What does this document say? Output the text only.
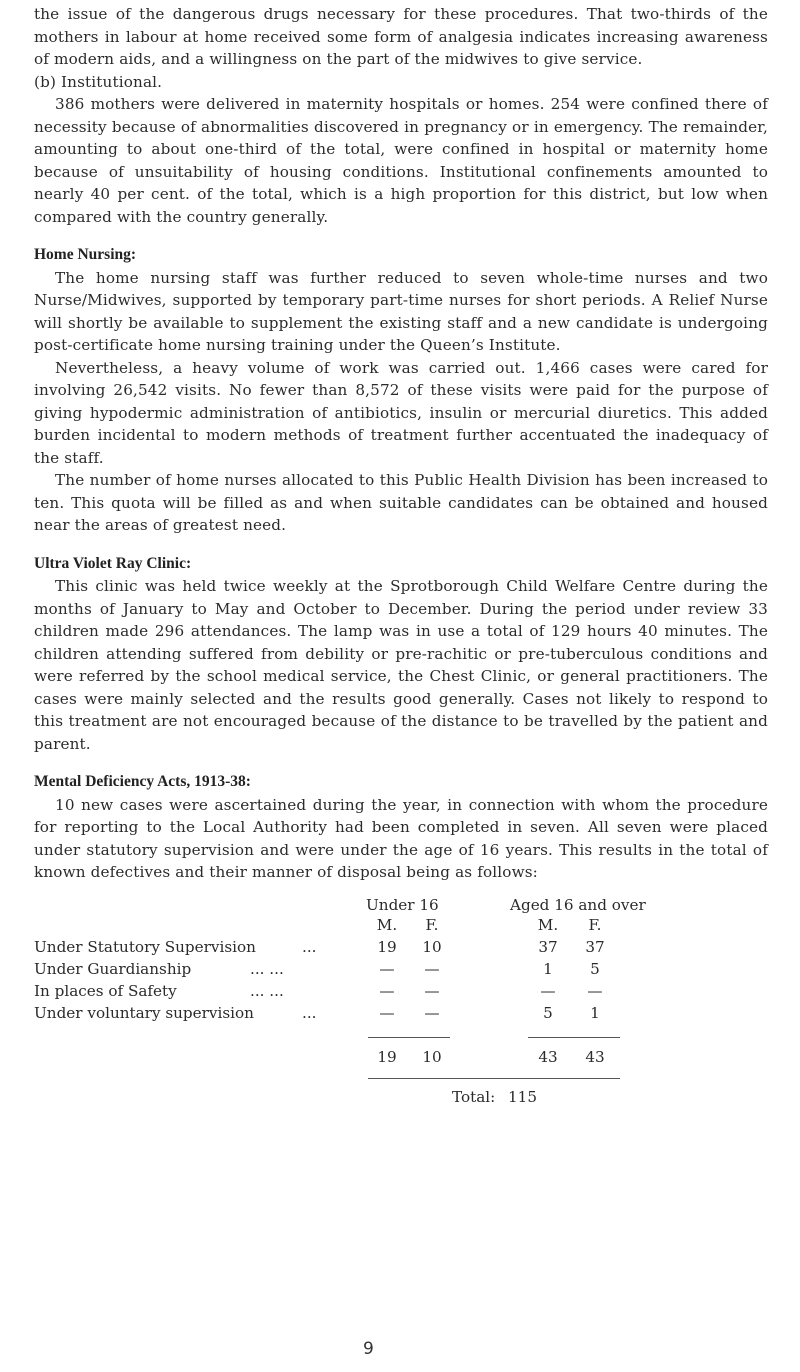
the issue of the dangerous drugs necessary for these procedures. That two-thirds of the mothers in labour at home received some form of analgesia indicates increasing awareness of modern aids, and a willingness on the part of the midwives to give service.

(b) Institutional.

386 mothers were delivered in maternity hospitals or homes. 254 were confined there of necessity because of abnormalities discovered in pregnancy or in emergency. The remainder, amounting to about one-third of the total, were confined in hospital or maternity home because of unsuitability of housing conditions. Institutional confinements amounted to nearly 40 per cent. of the total, which is a high proportion for this district, but low when compared with the country generally.

Home Nursing:

The home nursing staff was further reduced to seven whole-time nurses and two Nurse/Midwives, supported by temporary part-time nurses for short periods. A Relief Nurse will shortly be available to supplement the existing staff and a new candidate is undergoing post-certificate home nursing training under the Queen’s Institute.

Nevertheless, a heavy volume of work was carried out. 1,466 cases were cared for involving 26,542 visits. No fewer than 8,572 of these visits were paid for the purpose of giving hypodermic administration of antibiotics, insulin or mercurial diuretics. This added burden incidental to modern methods of treatment further accentuated the inadequacy of the staff.

The number of home nurses allocated to this Public Health Division has been increased to ten. This quota will be filled as and when suitable candidates can be obtained and housed near the areas of greatest need.

Ultra Violet Ray Clinic:

This clinic was held twice weekly at the Sprotborough Child Welfare Centre during the months of January to May and October to December. During the period under review 33 children made 296 attendances. The lamp was in use a total of 129 hours 40 minutes. The children attending suffered from debility or pre-rachitic or pre-tuberculous conditions and were referred by the school medical service, the Chest Clinic, or general practitioners. The cases were mainly selected and the results good generally. Cases not likely to respond to this treatment are not encouraged because of the distance to be travelled by the patient and parent.

Mental Deficiency Acts, 1913-38:

10 new cases were ascertained during the year, in connection with whom the procedure for reporting to the Local Authority had been completed in seven. All seven were placed under statutory supervision and were under the age of 16 years. This results in the total of known defectives and their manner of disposal being as follows:

Under 16	Aged 16 and over
M.	F.	M.	F.
Under Statutory Supervision	...	19	10	37	37
Under Guardianship	... ...	—	—	1	5
In places of Safety	... ...	—	—	—	—
Under voluntary supervision	...	—	—	5	1
19	10	43	43
Total: 115
9
